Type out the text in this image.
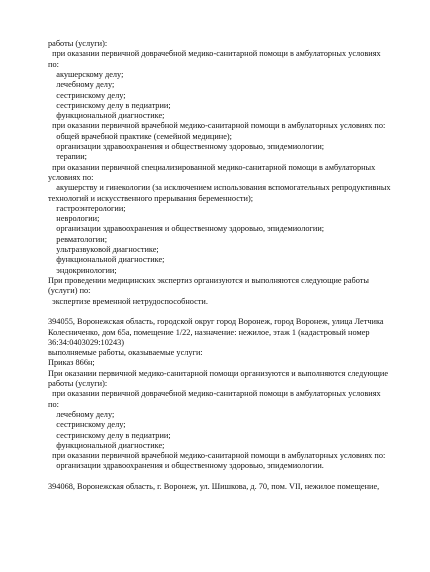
работы (услуги):
при оказании первичной доврачебной медико-санитарной помощи в амбулаторных условиях
по:
акушерскому делу;
лечебному делу;
сестринскому делу;
сестринскому делу в педиатрии;
функциональной диагностике;
при оказании первичной врачебной медико-санитарной помощи в амбулаторных условиях по:
общей врачебной практике (семейной медицине);
организации здравоохранения и общественному здоровью, эпидемиологии;
терапии;
при оказании первичной специализированной медико-санитарной помощи в амбулаторных
условиях по:
акушерству и гинекологии (за исключением использования вспомогательных репродуктивных
технологий и искусственного прерывания беременности);
гастроэнтерологии;
неврологии;
организации здравоохранения и общественному здоровью, эпидемиологии;
ревматологии;
ультразвуковой диагностике;
функциональной диагностике;
эндокринологии;
При проведении медицинских экспертиз организуются и выполняются следующие работы
(услуги) по:
экспертизе временной нетрудоспособности.
394055, Воронежская область, городской округ город Воронеж, город Воронеж, улица Летчика
Колесниченко, дом 65а, помещение 1/22, назначение: нежилое, этаж 1 (кадастровый номер
36:34:0403029:10243)
выполняемые работы, оказываемые услуги:
Приказ 866н;
При оказании первичной медико-санитарной помощи организуются и выполняются следующие
работы (услуги):
при оказании первичной доврачебной медико-санитарной помощи в амбулаторных условиях
по:
лечебному делу;
сестринскому делу;
сестринскому делу в педиатрии;
функциональной диагностике;
при оказании первичной врачебной медико-санитарной помощи в амбулаторных условиях по:
организации здравоохранения и общественному здоровью, эпидемиологии.
394068, Воронежская область, г. Воронеж, ул. Шишкова, д. 70, пом. VII, нежилое помещение,
